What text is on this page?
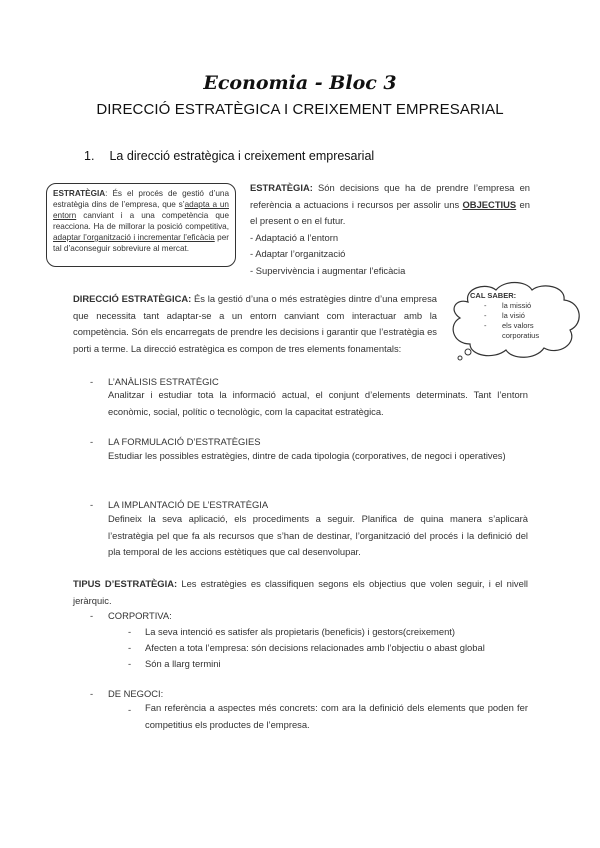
Economia - Bloc 3
DIRECCIÓ ESTRATÈGICA I CREIXEMENT EMPRESARIAL
1. La direcció estratègica i creixement empresarial
ESTRATÈGIA: És el procés de gestió d’una estratègia dins de l’empresa, que s’adapta a un entorn canviant i a una competència que reacciona. Ha de millorar la posició competitiva, adaptar l’organització i incrementar l’eficàcia per tal d’aconseguir sobreviure al mercat.
ESTRATÈGIA: Són decisions que ha de prendre l’empresa en referència a actuacions i recursos per assolir uns OBJECTIUS en el present o en el futur.
- Adaptació a l’entorn
- Adaptar l’organització
- Supervivència i augmentar l’eficàcia
CAL SABER:
- la missió
- la visió
- els valors corporatius
DIRECCIÓ ESTRATÈGICA: És la gestió d’una o més estratègies dintre d’una empresa que necessita tant adaptar-se a un entorn canviant com interactuar amb la competència. Són els encarregats de prendre les decisions i garantir que l’estratègia es porti a terme. La direcció estratègica es compon de tres elements fonamentals:
- L’ANÀLISIS ESTRATÈGIC
Analitzar i estudiar tota la informació actual, el conjunt d’elements determinats. Tant l’entorn econòmic, social, polític o tecnològic, com la capacitat estratègica.
- LA FORMULACIÓ D’ESTRATÈGIES
Estudiar les possibles estratègies, dintre de cada tipologia (corporatives, de negoci i operatives)
- LA IMPLANTACIÓ DE L’ESTRATÈGIA
Defineix la seva aplicació, els procediments a seguir. Planifica de quina manera s’aplicarà l’estratègia pel que fa als recursos que s’han de destinar, l’organització del procés i la definició del pla temporal de les accions estètiques que cal desenvolupar.
TIPUS D’ESTRATÈGIA: Les estratègies es classifiquen segons els objectius que volen seguir, i el nivell jeràrquic.
- CORPORTIVA:
- La seva intenció es satisfer als propietaris (beneficis) i gestors(creixement)
- Afecten a tota l’empresa: són decisions relacionades amb l’objectiu o abast global
- Són a llarg termini
- DE NEGOCI:
- Fan referència a aspectes més concrets: com ara la definició dels elements que poden fer competitius els productes de l’empresa.
